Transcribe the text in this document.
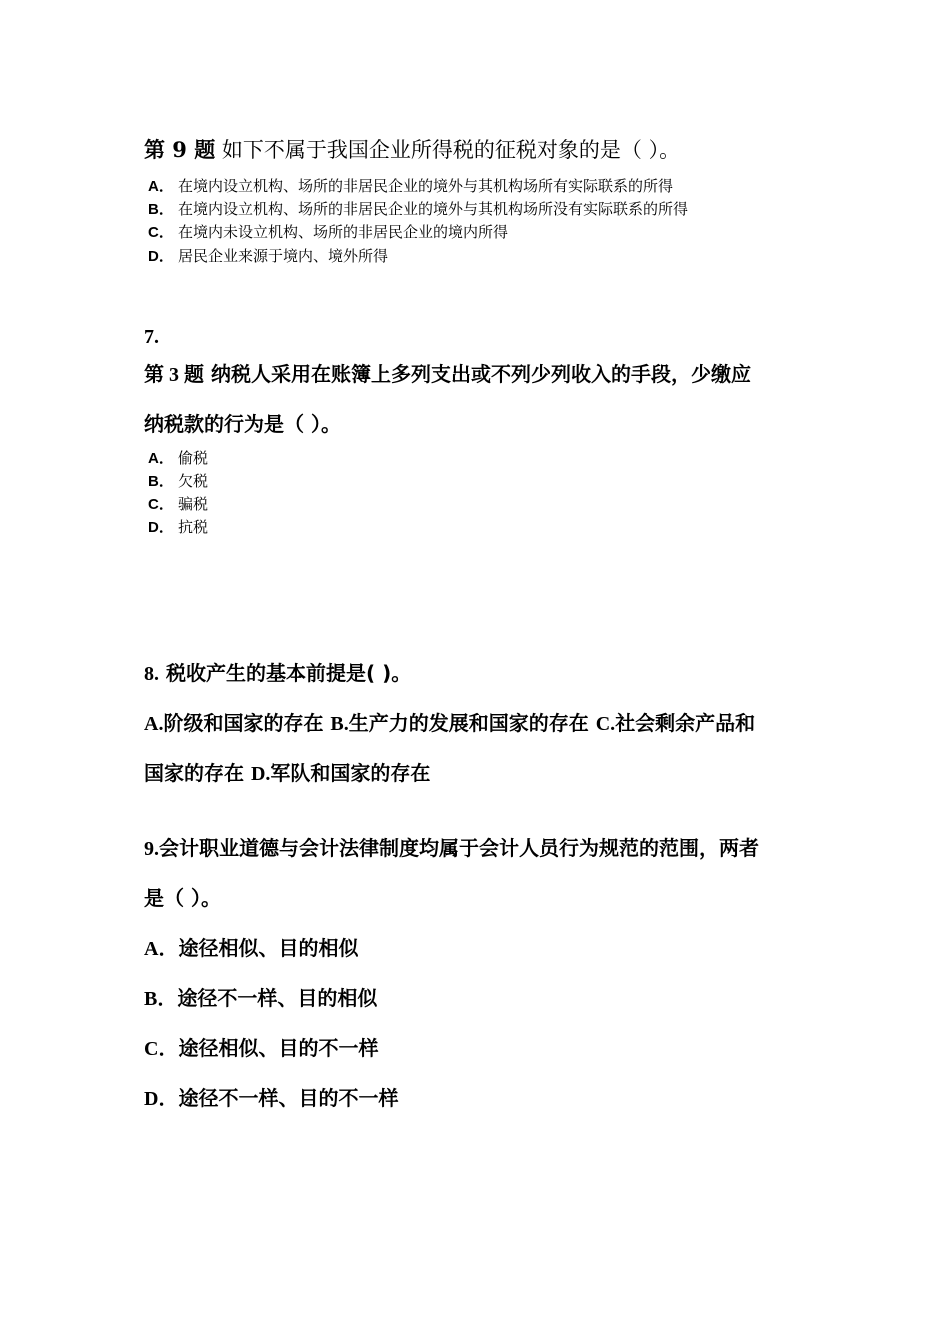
第 9 题 如下不属于我国企业所得税的征税对象的是（ ）。
A． 在境内设立机构、场所的非居民企业的境外与其机构场所有实际联系的所得
B． 在境内设立机构、场所的非居民企业的境外与其机构场所没有实际联系的所得
C． 在境内未设立机构、场所的非居民企业的境内所得
D． 居民企业来源于境内、境外所得
7.
第 3 题 纳税人采用在账簿上多列支出或不列少列收入的手段，少缴应
纳税款的行为是（ ）。
A． 偷税
B． 欠税
C． 骗税
D． 抗税
8. 税收产生的基本前提是( )。
A.阶级和国家的存在 B.生产力的发展和国家的存在 C.社会剩余产品和
国家的存在 D.军队和国家的存在
9.会计职业道德与会计法律制度均属于会计人员行为规范的范围，两者
是（ ）。
A．途径相似、目的相似
B．途径不一样、目的相似
C．途径相似、目的不一样
D．途径不一样、目的不一样
